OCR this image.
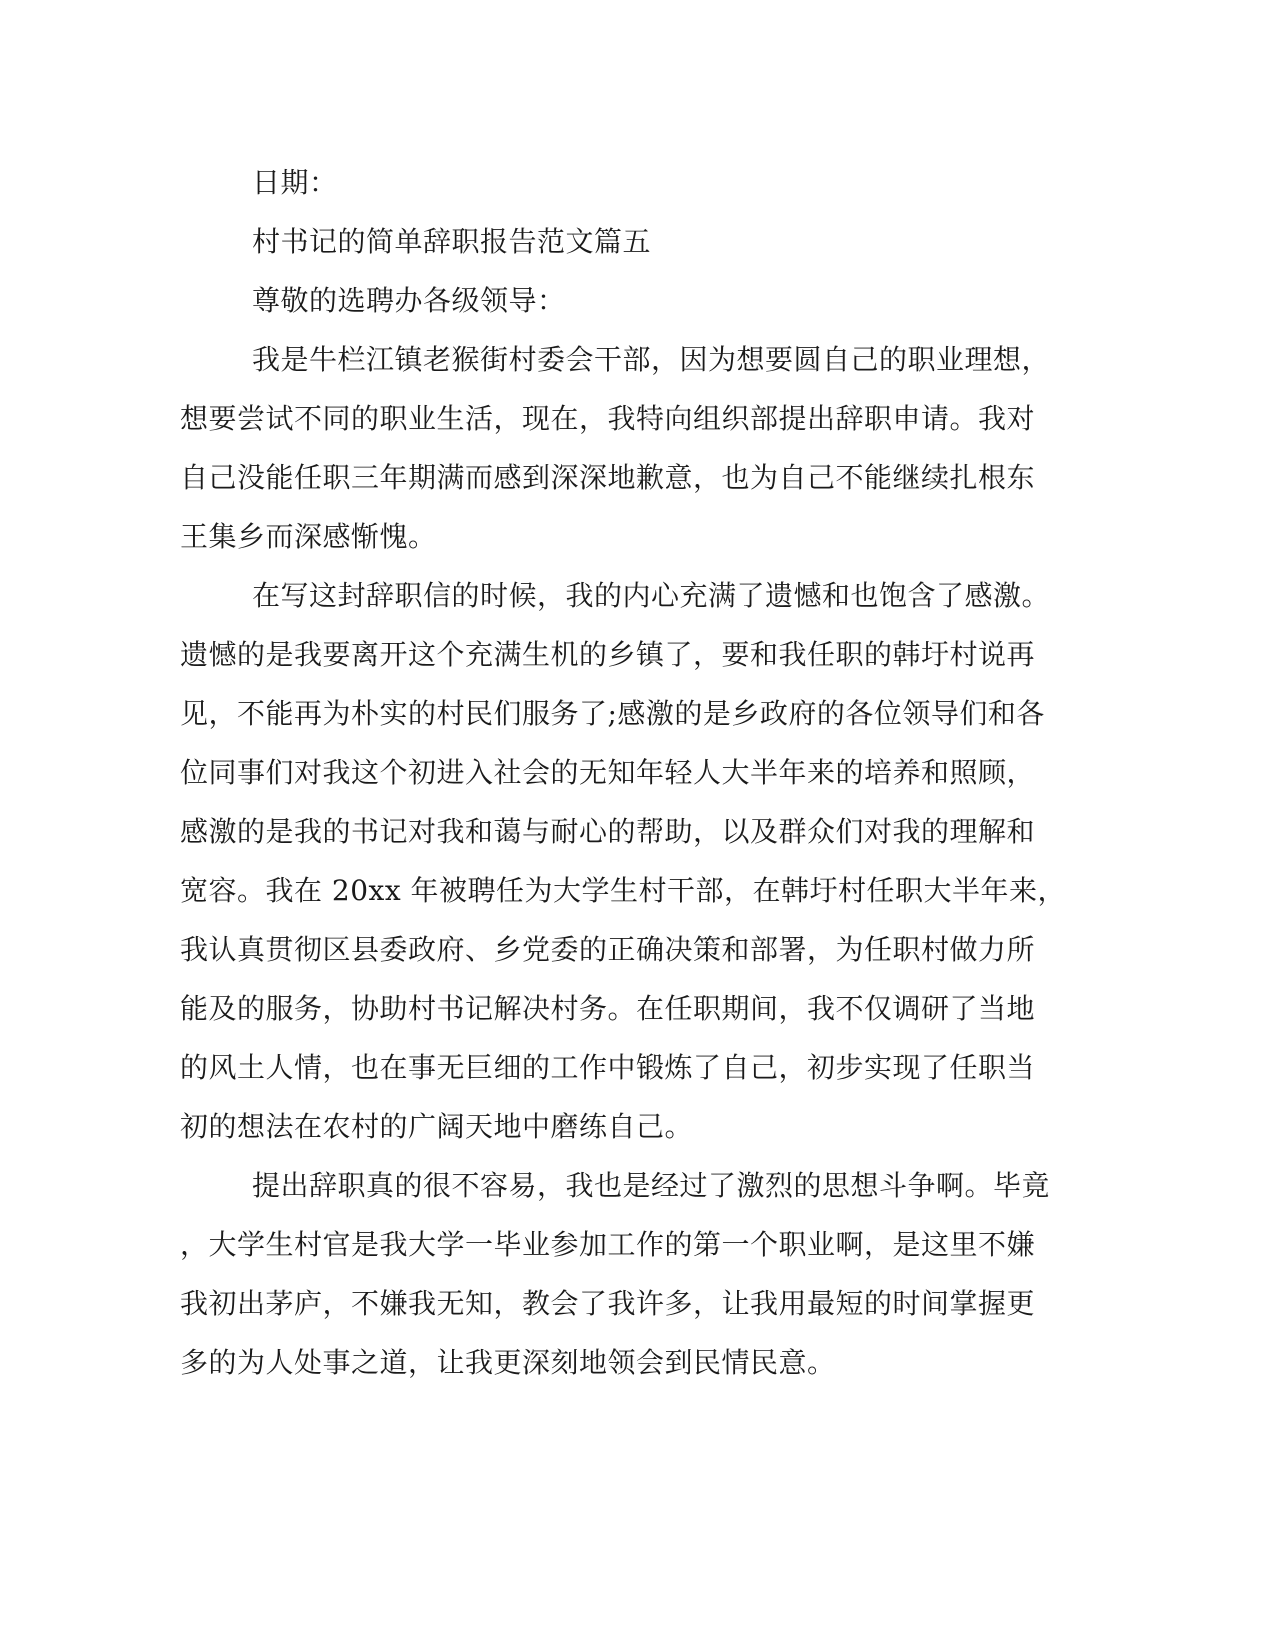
日期：
村书记的简单辞职报告范文篇五
尊敬的选聘办各级领导：
我是牛栏江镇老猴街村委会干部，因为想要圆自己的职业理想，
想要尝试不同的职业生活，现在，我特向组织部提出辞职申请。我对
自己没能任职三年期满而感到深深地歉意，也为自己不能继续扎根东
王集乡而深感惭愧。
在写这封辞职信的时候，我的内心充满了遗憾和也饱含了感激。
遗憾的是我要离开这个充满生机的乡镇了，要和我任职的韩圩村说再
见，不能再为朴实的村民们服务了;感激的是乡政府的各位领导们和各
位同事们对我这个初进入社会的无知年轻人大半年来的培养和照顾，
感激的是我的书记对我和蔼与耐心的帮助，以及群众们对我的理解和
宽容。我在 20xx 年被聘任为大学生村干部，在韩圩村任职大半年来，
我认真贯彻区县委政府、乡党委的正确决策和部署，为任职村做力所
能及的服务，协助村书记解决村务。在任职期间，我不仅调研了当地
的风土人情，也在事无巨细的工作中锻炼了自己，初步实现了任职当
初的想法在农村的广阔天地中磨练自己。
提出辞职真的很不容易，我也是经过了激烈的思想斗争啊。毕竟
，大学生村官是我大学一毕业参加工作的第一个职业啊，是这里不嫌
我初出茅庐，不嫌我无知，教会了我许多，让我用最短的时间掌握更
多的为人处事之道，让我更深刻地领会到民情民意。
